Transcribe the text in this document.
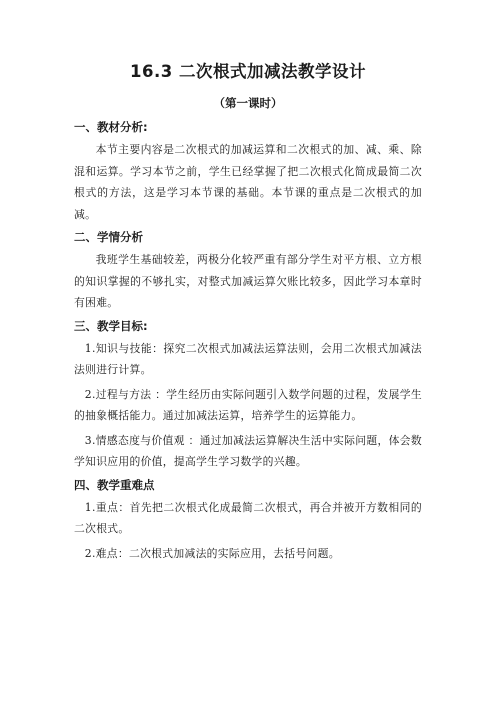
16.3 二次根式加减法教学设计
（第一课时）
一、教材分析:

本节主要内容是二次根式的加减运算和二次根式的加、减、乘、除混和运算。学习本节之前，学生已经掌握了把二次根式化简成最简二次根式的方法，这是学习本节课的基础。本节课的重点是二次根式的加减。

二、学情分析

我班学生基础较差，两极分化较严重有部分学生对平方根、立方根的知识掌握的不够扎实，对整式加减运算欠账比较多，因此学习本章时有困难。

三、教学目标:

1.知识与技能：探究二次根式加减法运算法则，会用二次根式加减法法则进行计算。

2.过程与方法 ：学生经历由实际问题引入数学问题的过程，发展学生的抽象概括能力。通过加减法运算，培养学生的运算能力。

3.情感态度与价值观 ：通过加减法运算解决生活中实际问题，体会数学知识应用的价值，提高学生学习数学的兴趣。

四、教学重难点

1.重点：首先把二次根式化成最简二次根式，再合并被开方数相同的二次根式。

2.难点：二次根式加减法的实际应用，去括号问题。
